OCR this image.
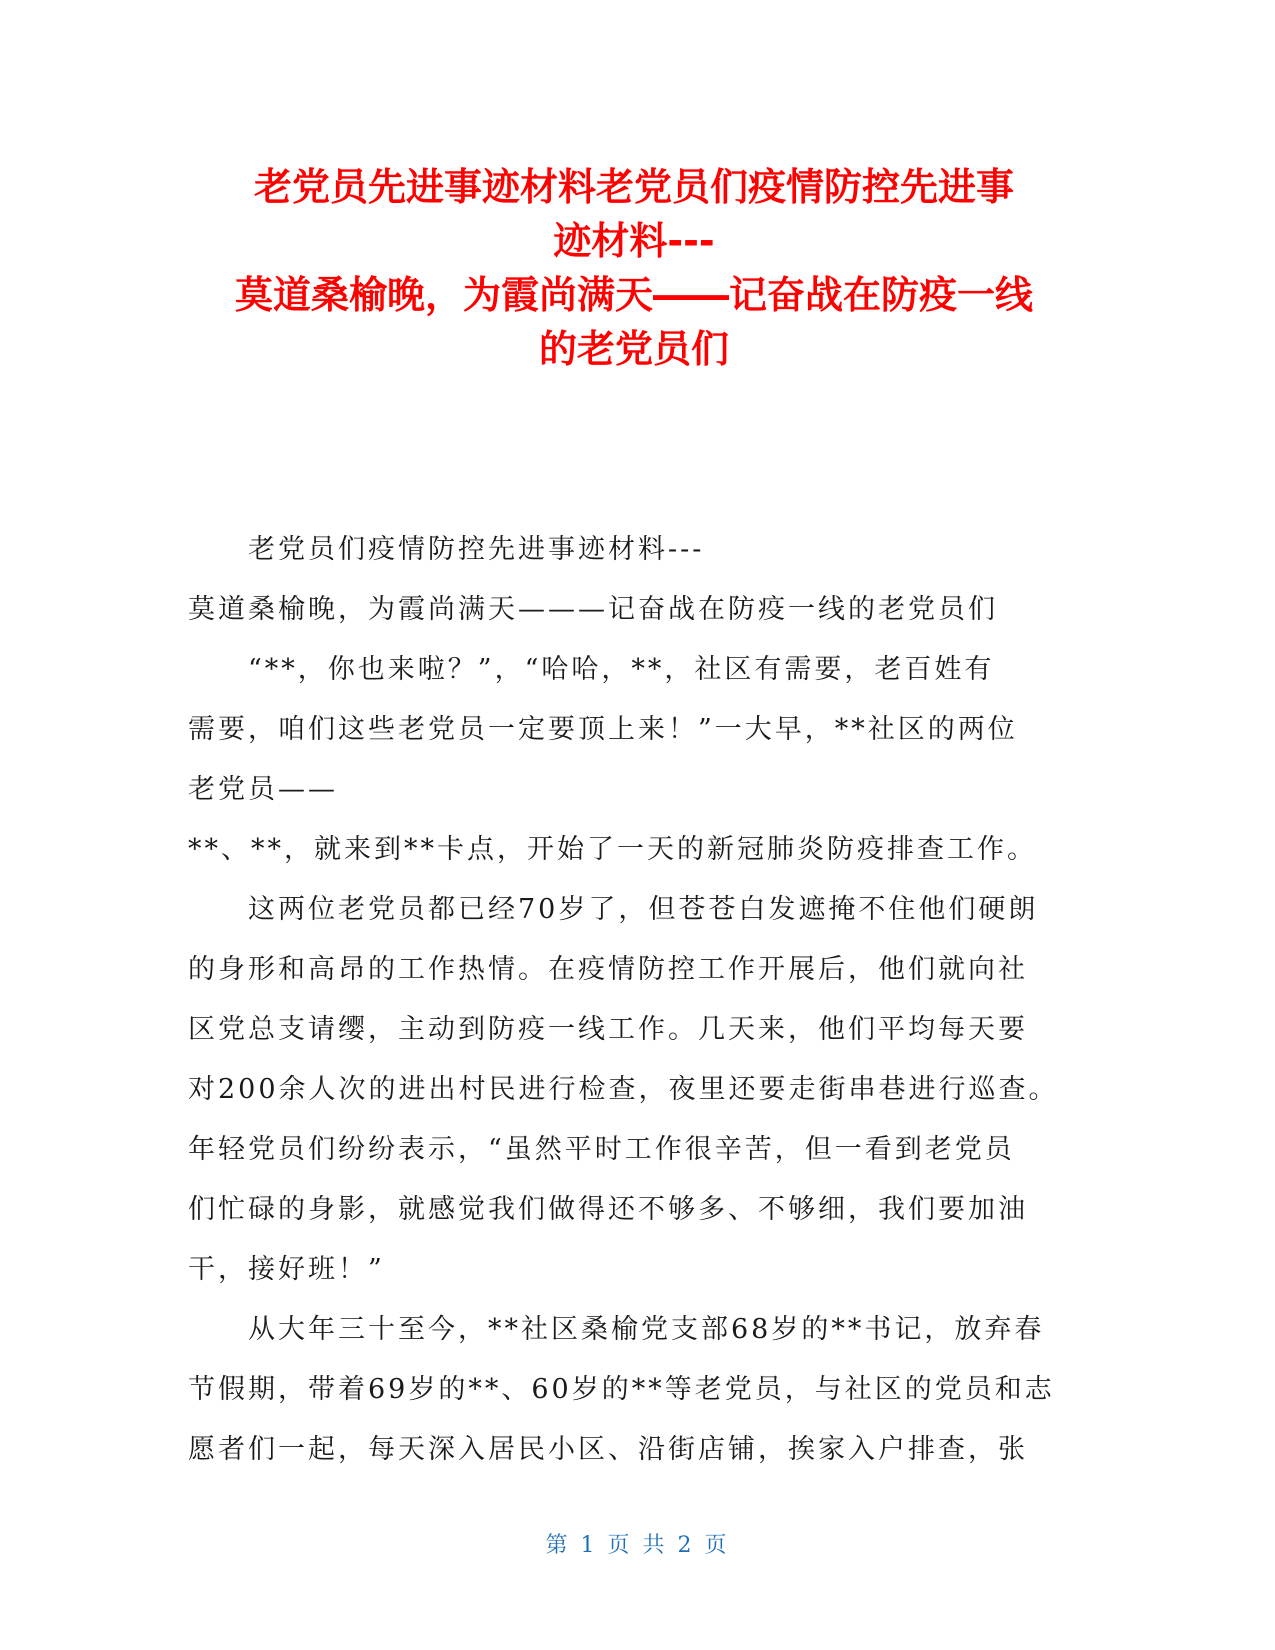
老党员先进事迹材料老党员们疫情防控先进事
迹材料---
莫道桑榆晚，为霞尚满天――记奋战在防疫一线
的老党员们
老党员们疫情防控先进事迹材料---
莫道桑榆晚，为霞尚满天———记奋战在防疫一线的老党员们
“**，你也来啦？”，“哈哈，**，社区有需要，老百姓有
需要，咱们这些老党员一定要顶上来！”一大早，**社区的两位
老党员——
**、**，就来到**卡点，开始了一天的新冠肺炎防疫排查工作。
这两位老党员都已经70岁了，但苍苍白发遮掩不住他们硬朗
的身形和高昂的工作热情。在疫情防控工作开展后，他们就向社
区党总支请缨，主动到防疫一线工作。几天来，他们平均每天要
对200余人次的进出村民进行检查，夜里还要走街串巷进行巡查。
年轻党员们纷纷表示，“虽然平时工作很辛苦，但一看到老党员
们忙碌的身影，就感觉我们做得还不够多、不够细，我们要加油
干，接好班！”
从大年三十至今，**社区桑榆党支部68岁的**书记，放弃春
节假期，带着69岁的**、60岁的**等老党员，与社区的党员和志
愿者们一起，每天深入居民小区、沿街店铺，挨家入户排查，张
第 1 页 共 2 页
